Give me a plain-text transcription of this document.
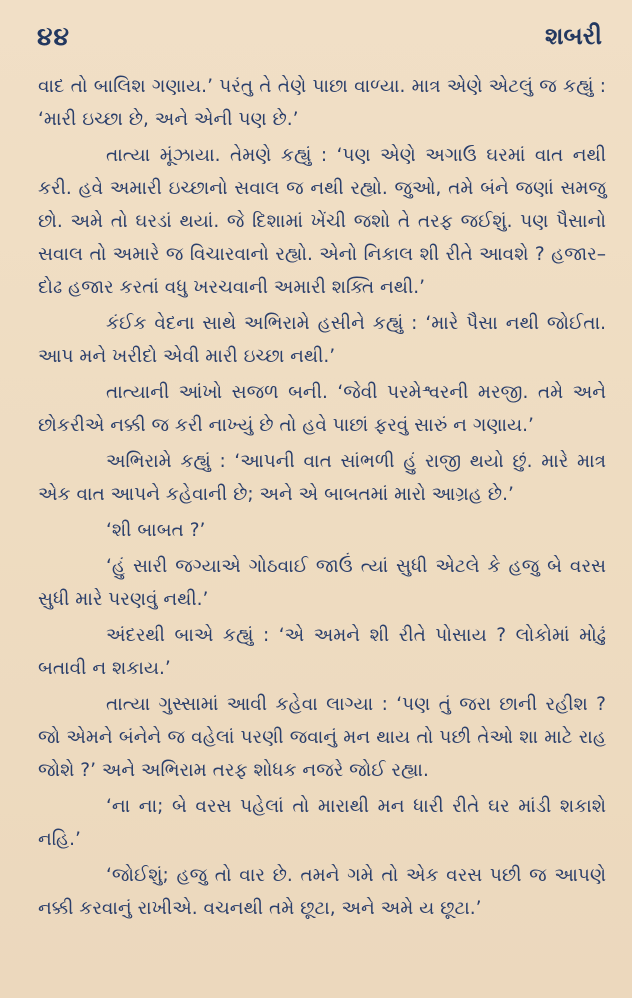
૪૪	શબરી

વાદ તો બાલિશ ગણાય.’ પરંતુ તે તેણે પાછા વાળ્યા. માત્ર એણે એટલું જ કહ્યું : ‘મારી ઇચ્છા છે, અને એની પણ છે.’

તાત્યા મૂંઝાયા. તેમણે કહ્યું : ‘પણ એણે અગાઉ ઘરમાં વાત નથી કરી. હવે અમારી ઇચ્છાનો સવાલ જ નથી રહ્યો. જુઓ, તમે બંને જણાં સમજુ છો. અમે તો ઘરડાં થયાં. જે દિશામાં ખેંચી જશો તે તરફ જઈશું. પણ પૈસાનો સવાલ તો અમારે જ વિચારવાનો રહ્યો. એનો નિકાલ શી રીતે આવશે ? હજાર–દોઢ હજાર કરતાં વધુ ખરચવાની અમારી શક્તિ નથી.’

કંઈક વેદના સાથે અભિરામે હસીને કહ્યું : ‘મારે પૈસા નથી જોઈતા. આપ મને ખરીદો એવી મારી ઇચ્છા નથી.’

તાત્યાની આંખો સજળ બની. ‘જેવી પરમેશ્વરની મરજી. તમે અને છોકરીએ નક્કી જ કરી નાખ્યું છે તો હવે પાછાં ફરવું સારું ન ગણાય.’

અભિરામે કહ્યું : ‘આપની વાત સાંભળી હું રાજી થયો છું. મારે માત્ર એક વાત આપને કહેવાની છે; અને એ બાબતમાં મારો આગ્રહ છે.’

‘શી બાબત ?’

‘હું સારી જગ્યાએ ગોઠવાઈ જાઉં ત્યાં સુધી એટલે કે હજુ બે વરસ સુધી મારે પરણવું નથી.’

અંદરથી બાએ કહ્યું : ‘એ અમને શી રીતે પોસાય ? લોકોમાં મોઢું બતાવી ન શકાય.’

તાત્યા ગુસ્સામાં આવી કહેવા લાગ્યા : ‘પણ તું જરા છાની રહીશ ? જો એમને બંનેને જ વહેલાં પરણી જવાનું મન થાય તો પછી તેઓ શા માટે રાહ જોશે ?’ અને અભિરામ તરફ શોધક નજરે જોઈ રહ્યા.

‘ના ના; બે વરસ પહેલાં તો મારાથી મન ધારી રીતે ઘર માંડી શકાશે નહિ.’

‘જોઈશું; હજુ તો વાર છે. તમને ગમે તો એક વરસ પછી જ આપણે નક્કી કરવાનું રાખીએ. વચનથી તમે છૂટા, અને અમે ય છૂટા.’
